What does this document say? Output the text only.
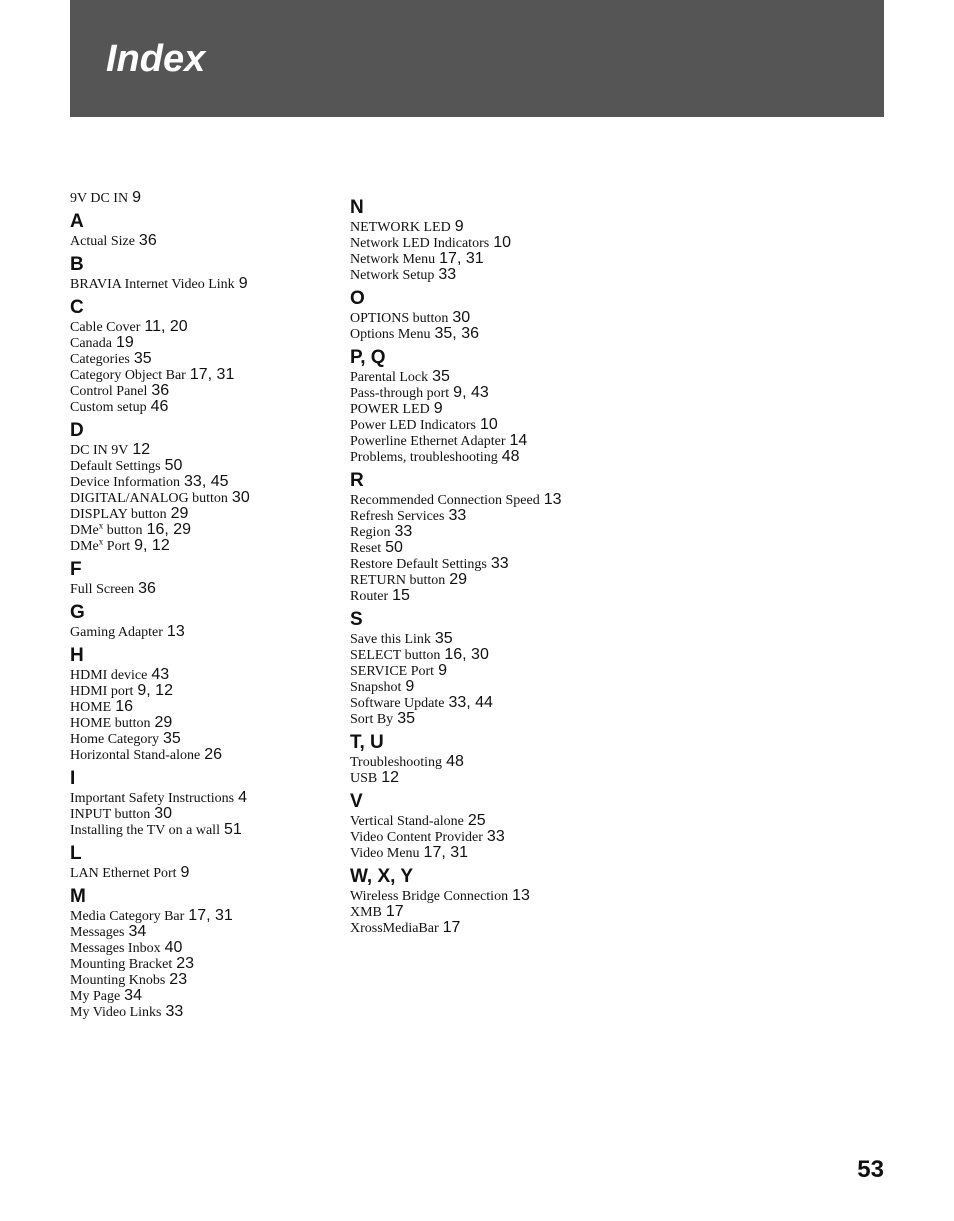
Index
9V DC IN 9
A
Actual Size 36
B
BRAVIA Internet Video Link 9
C
Cable Cover 11, 20
Canada 19
Categories 35
Category Object Bar 17, 31
Control Panel 36
Custom setup 46
D
DC IN 9V 12
Default Settings 50
Device Information 33, 45
DIGITAL/ANALOG button 30
DISPLAY button 29
DMe$^x$ button 16, 29
DMe$^x$ Port 9, 12
F
Full Screen 36
G
Gaming Adapter 13
H
HDMI device 43
HDMI port 9, 12
HOME 16
HOME button 29
Home Category 35
Horizontal Stand-alone 26
I
Important Safety Instructions 4
INPUT button 30
Installing the TV on a wall 51
L
LAN Ethernet Port 9
M
Media Category Bar 17, 31
Messages 34
Messages Inbox 40
Mounting Bracket 23
Mounting Knobs 23
My Page 34
My Video Links 33
N
NETWORK LED 9
Network LED Indicators 10
Network Menu 17, 31
Network Setup 33
O
OPTIONS button 30
Options Menu 35, 36
P, Q
Parental Lock 35
Pass-through port 9, 43
POWER LED 9
Power LED Indicators 10
Powerline Ethernet Adapter 14
Problems, troubleshooting 48
R
Recommended Connection Speed 13
Refresh Services 33
Region 33
Reset 50
Restore Default Settings 33
RETURN button 29
Router 15
S
Save this Link 35
SELECT button 16, 30
SERVICE Port 9
Snapshot 9
Software Update 33, 44
Sort By 35
T, U
Troubleshooting 48
USB 12
V
Vertical Stand-alone 25
Video Content Provider 33
Video Menu 17, 31
W, X, Y
Wireless Bridge Connection 13
XMB 17
XrossMediaBar 17
53
